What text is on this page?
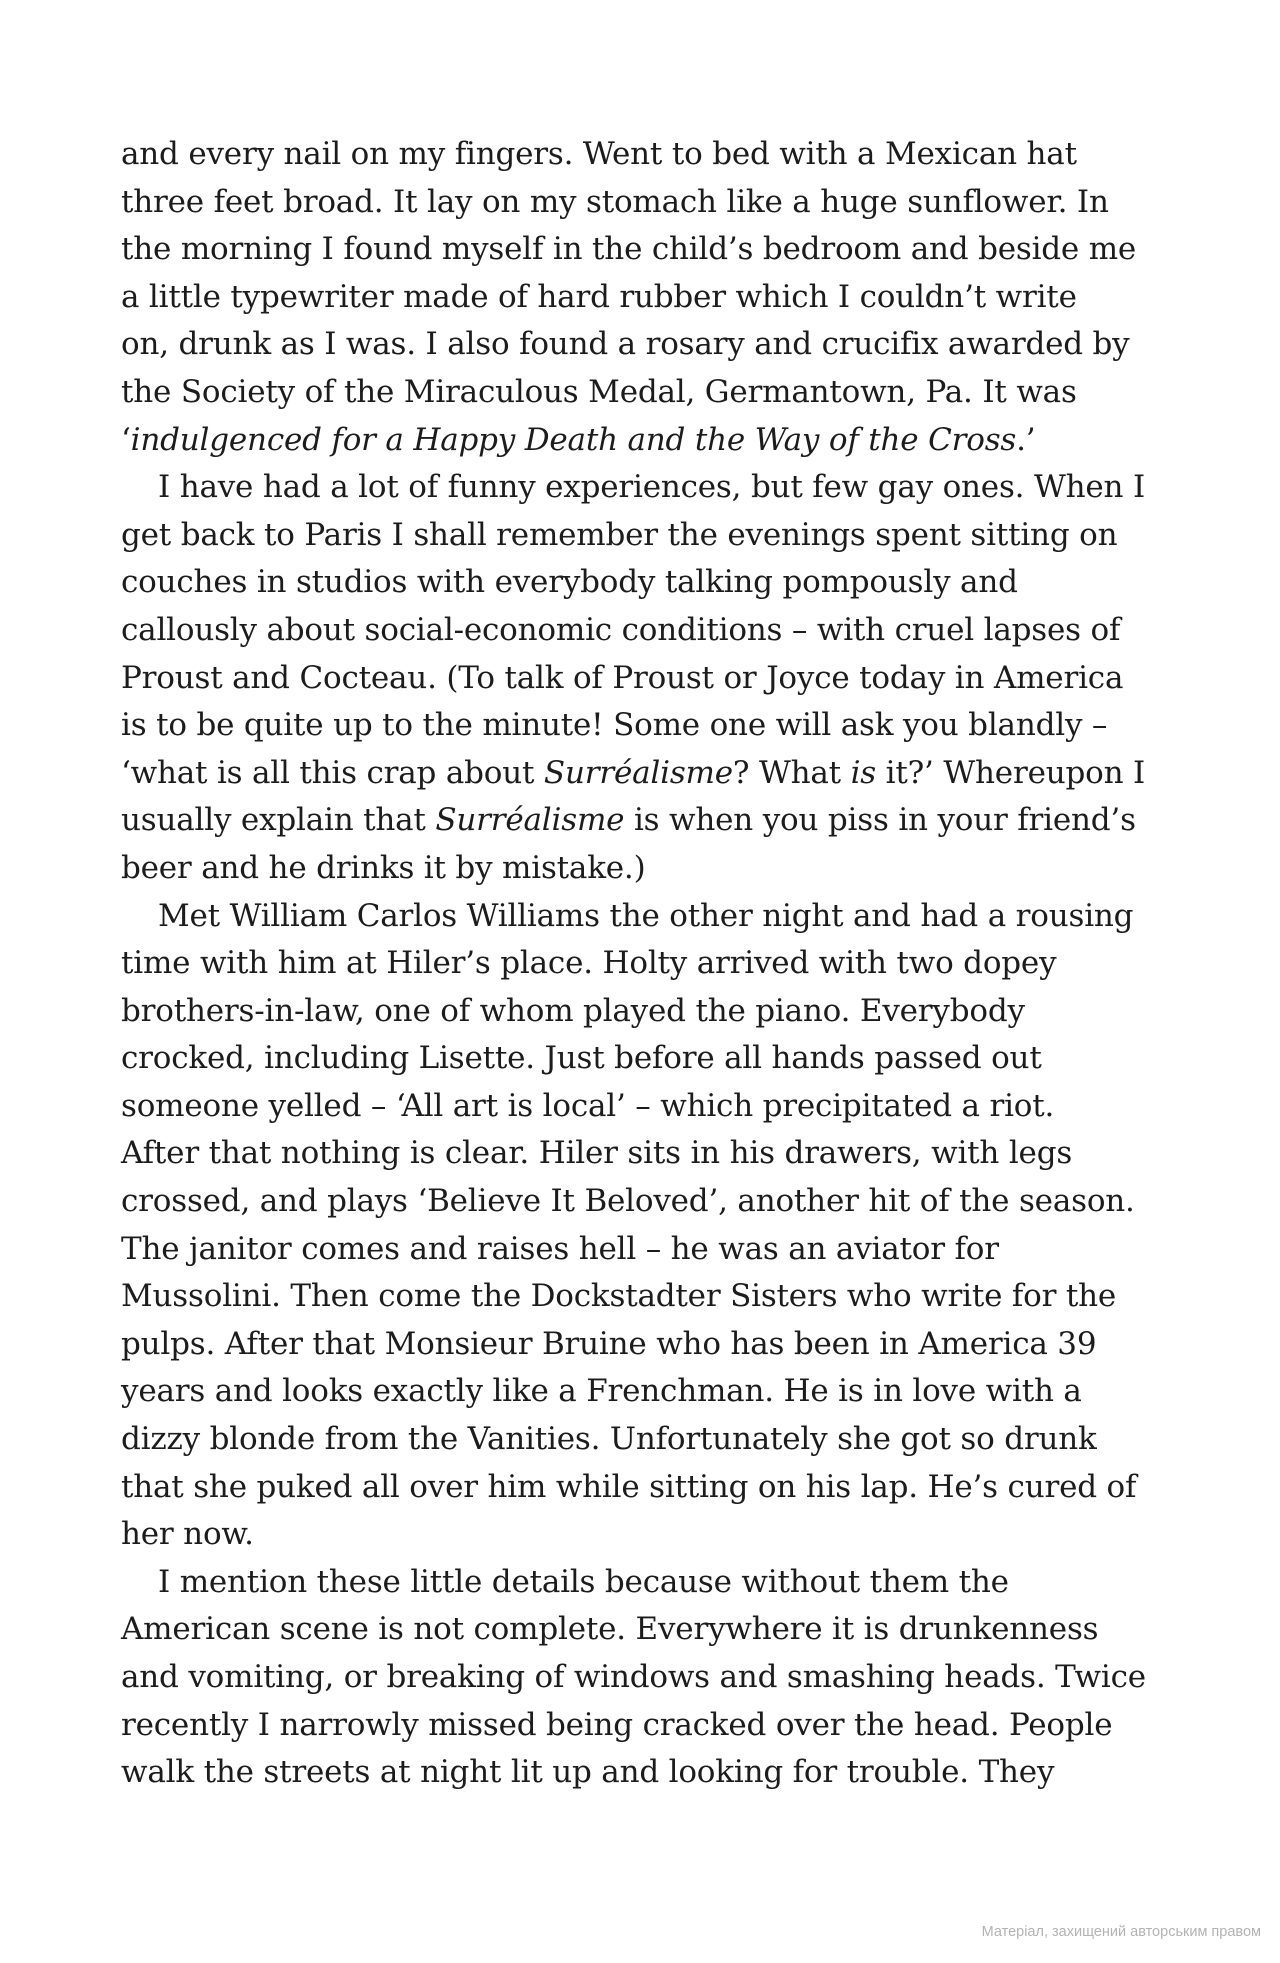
and every nail on my fingers. Went to bed with a Mexican hat
three feet broad. It lay on my stomach like a huge sunflower. In
the morning I found myself in the child’s bedroom and beside me
a little typewriter made of hard rubber which I couldn’t write
on, drunk as I was. I also found a rosary and crucifix awarded by
the Society of the Miraculous Medal, Germantown, Pa. It was
‘indulgenced for a Happy Death and the Way of the Cross.’
I have had a lot of funny experiences, but few gay ones. When I
get back to Paris I shall remember the evenings spent sitting on
couches in studios with everybody talking pompously and
callously about social-economic conditions – with cruel lapses of
Proust and Cocteau. (To talk of Proust or Joyce today in America
is to be quite up to the minute! Some one will ask you blandly –
‘what is all this crap about Surréalisme? What is it?’ Whereupon I
usually explain that Surréalisme is when you piss in your friend’s
beer and he drinks it by mistake.)
Met William Carlos Williams the other night and had a rousing
time with him at Hiler’s place. Holty arrived with two dopey
brothers-in-law, one of whom played the piano. Everybody
crocked, including Lisette. Just before all hands passed out
someone yelled – ‘All art is local’ – which precipitated a riot.
After that nothing is clear. Hiler sits in his drawers, with legs
crossed, and plays ‘Believe It Beloved’, another hit of the season.
The janitor comes and raises hell – he was an aviator for
Mussolini. Then come the Dockstadter Sisters who write for the
pulps. After that Monsieur Bruine who has been in America 39
years and looks exactly like a Frenchman. He is in love with a
dizzy blonde from the Vanities. Unfortunately she got so drunk
that she puked all over him while sitting on his lap. He’s cured of
her now.
I mention these little details because without them the
American scene is not complete. Everywhere it is drunkenness
and vomiting, or breaking of windows and smashing heads. Twice
recently I narrowly missed being cracked over the head. People
walk the streets at night lit up and looking for trouble. They
Матеріал, захищений авторським правом
